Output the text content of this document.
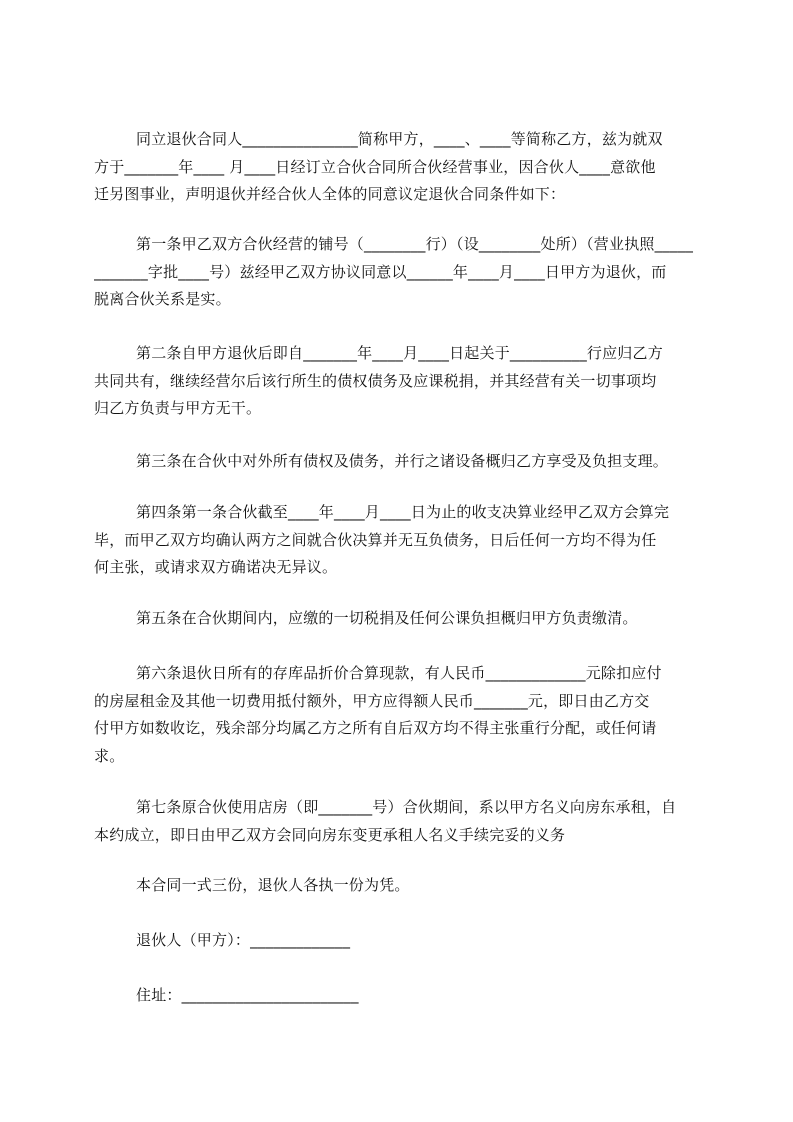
同立退伙合同人_______________简称甲方，____、____等简称乙方，兹为就双
方于_______年____ 月____日经订立合伙合同所合伙经营事业，因合伙人____意欲他
迁另图事业，声明退伙并经合伙人全体的同意议定退伙合同条件如下：
第一条甲乙双方合伙经营的铺号（________行）（设________处所）（营业执照_____
_______字批____号）兹经甲乙双方协议同意以______年____月____日甲方为退伙，而
脱离合伙关系是实。
第二条自甲方退伙后即自_______年____月____日起关于__________行应归乙方
共同共有，继续经营尔后该行所生的债权债务及应课税捐，并其经营有关一切事项均
归乙方负责与甲方无干。
第三条在合伙中对外所有债权及债务，并行之诸设备概归乙方享受及负担支理。
第四条第一条合伙截至____年____月____日为止的收支决算业经甲乙双方会算完
毕，而甲乙双方均确认两方之间就合伙决算并无互负债务，日后任何一方均不得为任
何主张，或请求双方确诺决无异议。
第五条在合伙期间内，应缴的一切税捐及任何公课负担概归甲方负责缴清。
第六条退伙日所有的存库品折价合算现款，有人民币_____________元除扣应付
的房屋租金及其他一切费用抵付额外，甲方应得额人民币_______元，即日由乙方交
付甲方如数收讫，残余部分均属乙方之所有自后双方均不得主张重行分配，或任何请
求。
第七条原合伙使用店房（即_______号）合伙期间，系以甲方名义向房东承租，自
本约成立，即日由甲乙双方会同向房东变更承租人名义手续完妥的义务
本合同一式三份，退伙人各执一份为凭。
退伙人（甲方）：_____________
住址：_______________________
